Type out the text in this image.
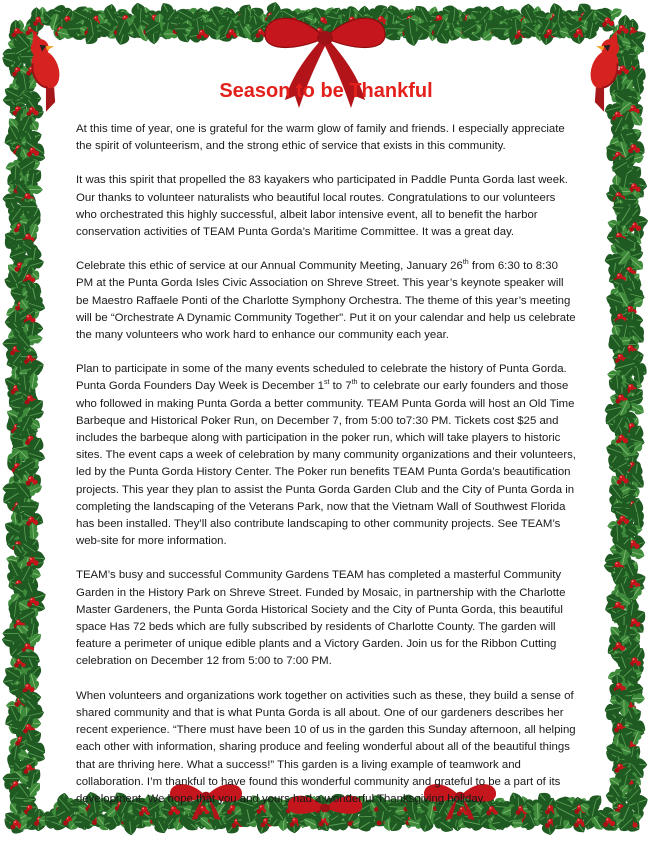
Season to be Thankful

At this time of year, one is grateful for the warm glow of family and friends. I especially appreciate the spirit of volunteerism, and the strong ethic of service that exists in this community.

It was this spirit that propelled the 83 kayakers who participated in Paddle Punta Gorda last week. Our thanks to volunteer naturalists who beautiful local routes. Congratulations to our volunteers who orchestrated this highly successful, albeit labor intensive event, all to benefit the harbor conservation activities of TEAM Punta Gorda’s Maritime Committee. It was a great day.

Celebrate this ethic of service at our Annual Community Meeting, January 26th from 6:30 to 8:30 PM at the Punta Gorda Isles Civic Association on Shreve Street. This year’s keynote speaker will be Maestro Raffaele Ponti of the Charlotte Symphony Orchestra. The theme of this year’s meeting will be “Orchestrate A Dynamic Community Together". Put it on your calendar and help us celebrate the many volunteers who work hard to enhance our community each year.

Plan to participate in some of the many events scheduled to celebrate the history of Punta Gorda. Punta Gorda Founders Day Week is December 1st to 7th to celebrate our early founders and those who followed in making Punta Gorda a better community. TEAM Punta Gorda will host an Old Time Barbeque and Historical Poker Run, on December 7, from 5:00 to7:30 PM. Tickets cost $25 and includes the barbeque along with participation in the poker run, which will take players to historic sites. The event caps a week of celebration by many community organizations and their volunteers, led by the Punta Gorda History Center. The Poker run benefits TEAM Punta Gorda’s beautification projects. This year they plan to assist the Punta Gorda Garden Club and the City of Punta Gorda in completing the landscaping of the Veterans Park, now that the Vietnam Wall of Southwest Florida has been installed. They’ll also contribute landscaping to other community projects. See TEAM’s web-site for more information.

TEAM’s busy and successful Community Gardens TEAM has completed a masterful Community Garden in the History Park on Shreve Street. Funded by Mosaic, in partnership with the Charlotte Master Gardeners, the Punta Gorda Historical Society and the City of Punta Gorda, this beautiful space Has 72 beds which are fully subscribed by residents of Charlotte County. The garden will feature a perimeter of unique edible plants and a Victory Garden. Join us for the Ribbon Cutting celebration on December 12 from 5:00 to 7:00 PM.

When volunteers and organizations work together on activities such as these, they build a sense of shared community and that is what Punta Gorda is all about. One of our gardeners describes her recent experience. “There must have been 10 of us in the garden this Sunday afternoon, all helping each other with information, sharing produce and feeling wonderful about all of the beautiful things that are thriving here. What a success!” This garden is a living example of teamwork and collaboration. I’m thankful to have found this wonderful community and grateful to be a part of its development. We hope that you and yours had a wonderful Thanksgiving holiday.
